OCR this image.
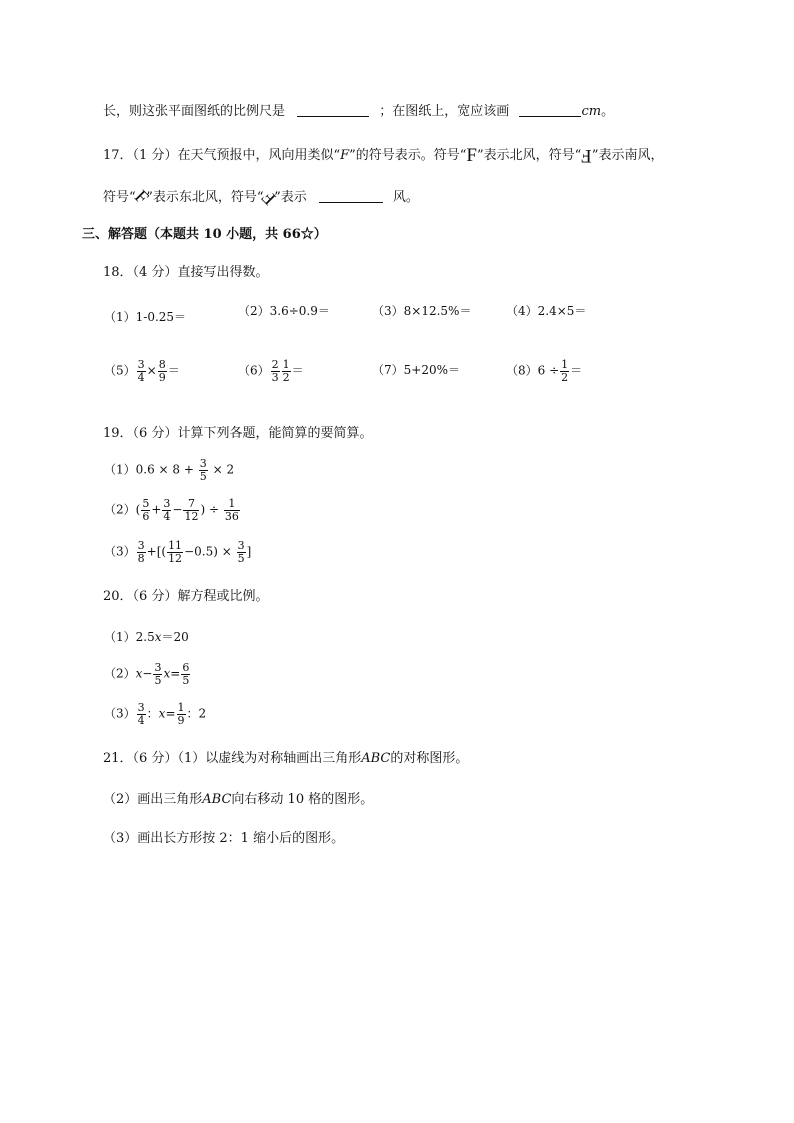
长，则这张平面图纸的比例尺是	；在图纸上，宽应该画	cm。
17．（1 分）在天气预报中，风向用类似“F”的符号表示。符号“F”表示北风，符号“F”表示南风，
符号“F”表示东北风，符号“F”表示	风。
三、解答题（本题共 10 小题，共 66☆）
18．（4 分）直接写出得数。
（1）1-0.25＝	（2）3.6÷0.9＝	（3）8×12.5%＝	（4）2.4×5＝
$(5) \frac{3}{4} \times \frac{8}{9}$ ＝	$(6) \frac{2}{3} \frac{1}{2}$ ＝	（7）5+20%＝	$(8)6 \div \frac{1}{2}$ ＝
19．（6 分）计算下列各题，能简算的要简算。
$(1)0.6 \times 8 + \frac{3}{5} \times 2$
$(2)( \frac{5}{6} + \frac{3}{4} - \frac{7}{12}$ ) ÷ $\frac{1}{36}$
$(3) \frac{3}{8}$ +[( $\frac{11}{12} -0.5) \times \frac{3}{5}$ ]
20．（6 分）解方程或比例。
（1）2.5x＝20
$(2)x- \frac{3}{5} x= \frac{6}{5}$
$(3) \frac{3}{4}$ ：$x= \frac{1}{9}$ ：2
21．（6 分）（1）以虚线为对称轴画出三角形ABC的对称图形。
（2）画出三角形ABC向右移动 10 格的图形。
（3）画出长方形按 2：1 缩小后的图形。
